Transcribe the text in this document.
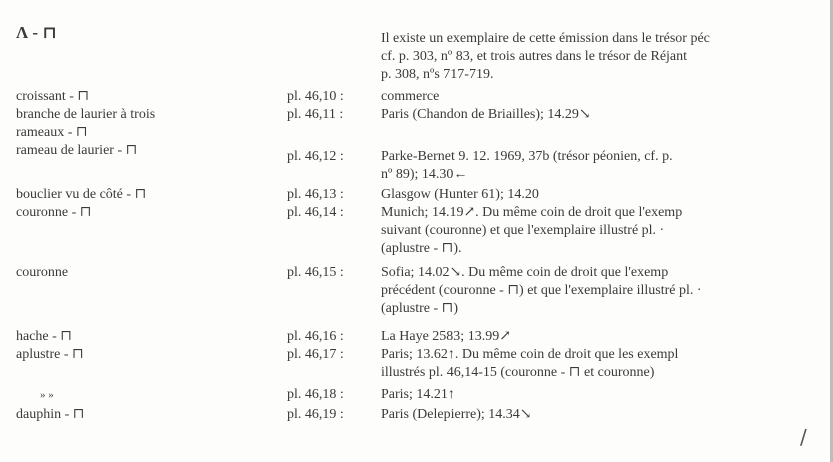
Λ - ⊓	Il existe un exemplaire de cette émission dans le trésor péc
cf. p. 303, nº 83, et trois autres dans le trésor de Réjant
p. 308, nºs 717-719.
croissant - ⊓	pl. 46,10 :	commerce
branche de laurier à trois	pl. 46,11 :	Paris (Chandon de Briailles); 14.29↘
rameaux - ⊓
rameau de laurier - ⊓	pl. 46,12 :	Parke-Bernet 9. 12. 1969, 37b (trésor péonien, cf. p.
nº 89); 14.30←
bouclier vu de côté - ⊓	pl. 46,13 :	Glasgow (Hunter 61); 14.20
couronne - ⊓	pl. 46,14 :	Munich; 14.19↗. Du même coin de droit que l'exemp
suivant (couronne) et que l'exemplaire illustré pl. ·
(aplustre - ⊓).
couronne	pl. 46,15 :	Sofia; 14.02↘. Du même coin de droit que l'exemp
précédent (couronne - ⊓) et que l'exemplaire illustré pl. ·
(aplustre - ⊓)
hache - ⊓	pl. 46,16 :	La Haye 2583; 13.99↗
aplustre - ⊓	pl. 46,17 :	Paris; 13.62↑. Du même coin de droit que les exempl
illustrés pl. 46,14-15 (couronne - ⊓ et couronne)
» »	pl. 46,18 :	Paris; 14.21↑
dauphin - ⊓	pl. 46,19 :	Paris (Delepierre); 14.34↘
/
